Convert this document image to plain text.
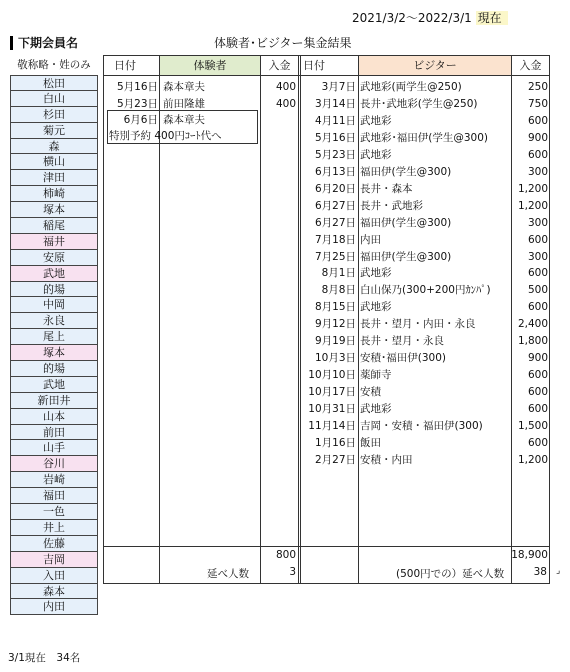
2021/3/2～2022/3/1 現在
下期会員名	体験者･ビジター集金結果
敬称略・姓のみ
松田
白山
杉田
菊元
森
横山
津田
柿崎
塚本
稲尾
福井
安原
武地
的場
中岡
永良
尾上
塚本
的場
武地
新田井
山本
前田
山手
谷川
岩崎
福田
一色
井上
佐藤
吉岡
入田
森本
内田
3/1現在　34名
日付	体験者	入金	日付	ビジター	入金
5月16日 森本章夫	400
5月23日 前田隆雄	400
6月6日 森本章夫
特別予約 400円ｺｰﾄ代へ
3月7日 武地彩(両学生@250)	250
3月14日 長井･武地彩(学生@250)	750
4月11日 武地彩	600
5月16日 武地彩･福田伊(学生@300)	900
5月23日 武地彩	600
6月13日 福田伊(学生@300)	300
6月20日 長井・森本	1,200
6月27日 長井・武地彩	1,200
6月27日 福田伊(学生@300)	300
7月18日 内田	600
7月25日 福田伊(学生@300)	300
8月1日 武地彩	600
8月8日 白山保乃(300+200円ｶﾝﾊﾟ)	500
8月15日 武地彩	600
9月12日 長井・望月・内田・永良	2,400
9月19日 長井・望月・永良	1,800
10月3日 安積･福田伊(300)	900
10月10日 薬師寺	600
10月17日 安積	600
10月31日 武地彩	600
11月14日 吉岡・安積・福田伊(300)	1,500
1月16日 飯田	600
2月27日 安積・内田	1,200
800
延べ人数	3
18,900
(500円での）延べ人数	38 ⌟
